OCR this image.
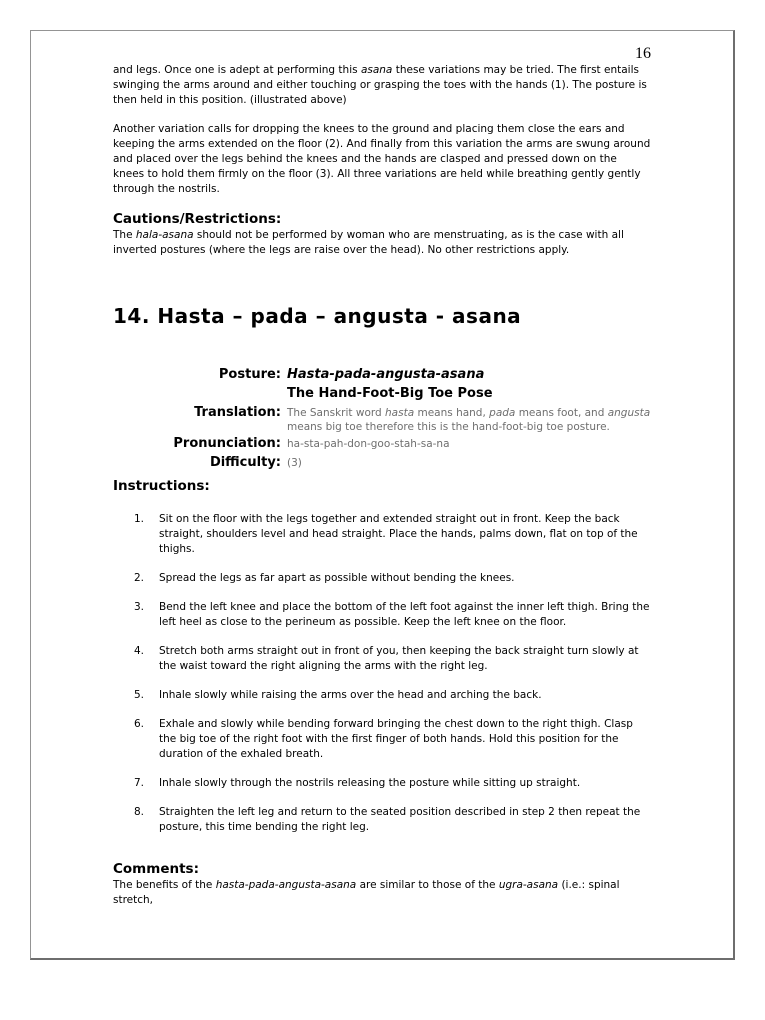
16

and legs. Once one is adept at performing this asana these variations may be tried. The first entails swinging the arms around and either touching or grasping the toes with the hands (1). The posture is then held in this position. (illustrated above)

Another variation calls for dropping the knees to the ground and placing them close the ears and keeping the arms extended on the floor (2). And finally from this variation the arms are swung around and placed over the legs behind the knees and the hands are clasped and pressed down on the knees to hold them firmly on the floor (3). All three variations are held while breathing gently gently through the nostrils.

Cautions/Restrictions:

The hala-asana should not be performed by woman who are menstruating, as is the case with all inverted postures (where the legs are raise over the head). No other restrictions apply.

14. Hasta – pada – angusta - asana
Posture: Hasta-pada-angusta-asana
The Hand-Foot-Big Toe Pose
Translation: The Sanskrit word hasta means hand, pada means foot, and angusta means big toe therefore this is the hand-foot-big toe posture.
Pronunciation: ha-sta-pah-don-goo-stah-sa-na
Difficulty: (3)
Instructions:
1.	Sit on the floor with the legs together and extended straight out in front. Keep the back straight, shoulders level and head straight. Place the hands, palms down, flat on top of the thighs.
2.	Spread the legs as far apart as possible without bending the knees.
3.	Bend the left knee and place the bottom of the left foot against the inner left thigh. Bring the left heel as close to the perineum as possible. Keep the left knee on the floor.
4.	Stretch both arms straight out in front of you, then keeping the back straight turn slowly at the waist toward the right aligning the arms with the right leg.
5.	Inhale slowly while raising the arms over the head and arching the back.
6.	Exhale and slowly while bending forward bringing the chest down to the right thigh. Clasp the big toe of the right foot with the first finger of both hands. Hold this position for the duration of the exhaled breath.
7.	Inhale slowly through the nostrils releasing the posture while sitting up straight.
8.	Straighten the left leg and return to the seated position described in step 2 then repeat the posture, this time bending the right leg.
Comments:

The benefits of the hasta-pada-angusta-asana are similar to those of the ugra-asana (i.e.: spinal stretch,
